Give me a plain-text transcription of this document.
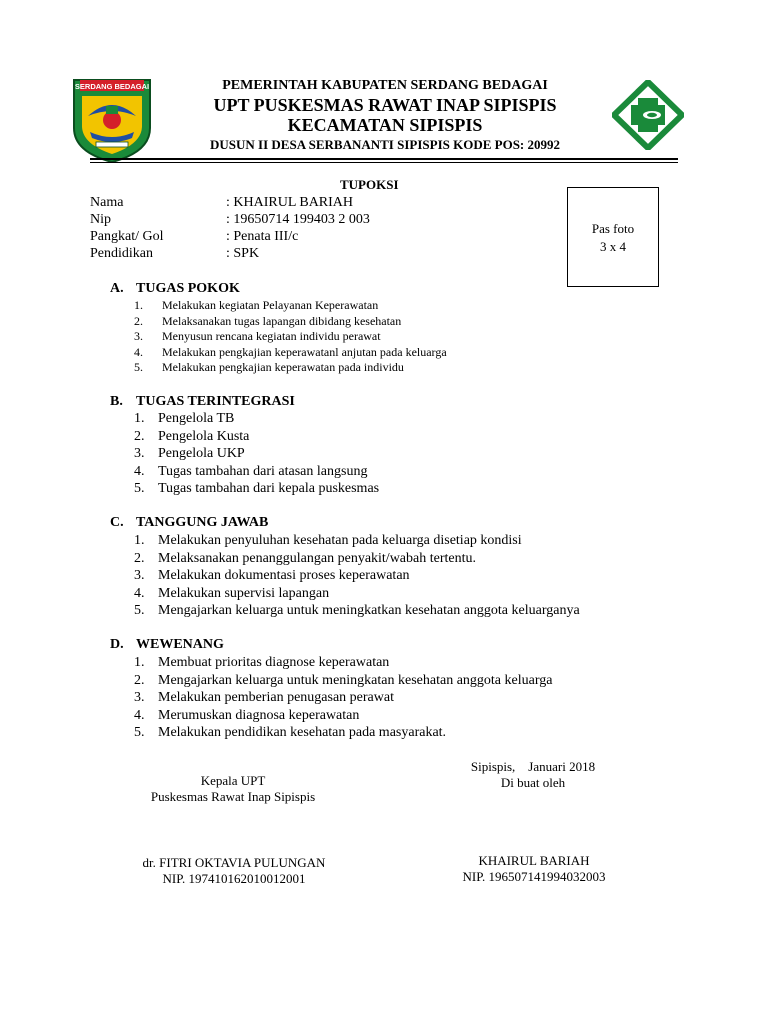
SERDANG BEDAGAI	PEMERINTAH KABUPATEN SERDANG BEDAGAI
UPT PUSKESMAS RAWAT INAP SIPISPIS
KECAMATAN SIPISPIS
DUSUN II DESA SERBANANTI SIPISPIS KODE POS: 20992
TUPOKSI
Pas foto
3 x 4
Nama	: KHAIRUL BARIAH
Nip	: 19650714 199403 2 003
Pangkat/ Gol	: Penata III/c
Pendidikan	: SPK
A. TUGAS POKOK
1. Melakukan kegiatan Pelayanan Keperawatan
2. Melaksanakan tugas lapangan dibidang kesehatan
3. Menyusun rencana kegiatan individu perawat
4. Melakukan pengkajian keperawatanl anjutan pada keluarga
5. Melakukan pengkajian keperawatan pada individu
B. TUGAS TERINTEGRASI
1. Pengelola TB
2. Pengelola Kusta
3. Pengelola UKP
4. Tugas tambahan dari atasan langsung
5. Tugas tambahan dari kepala puskesmas
C. TANGGUNG JAWAB
1. Melakukan penyuluhan kesehatan pada keluarga disetiap kondisi
2. Melaksanakan penanggulangan penyakit/wabah tertentu.
3. Melakukan dokumentasi proses keperawatan
4. Melakukan supervisi lapangan
5. Mengajarkan keluarga untuk meningkatkan kesehatan anggota keluarganya
D. WEWENANG
1. Membuat prioritas diagnose keperawatan
2. Mengajarkan keluarga untuk meningkatan kesehatan anggota keluarga
3. Melakukan pemberian penugasan perawat
4. Merumuskan diagnosa keperawatan
5. Melakukan pendidikan kesehatan pada masyarakat.
Sipispis,    Januari 2018
Di buat oleh
Kepala UPT
Puskesmas Rawat Inap Sipispis
dr. FITRI OKTAVIA PULUNGAN
NIP. 197410162010012001
KHAIRUL BARIAH
NIP. 196507141994032003
